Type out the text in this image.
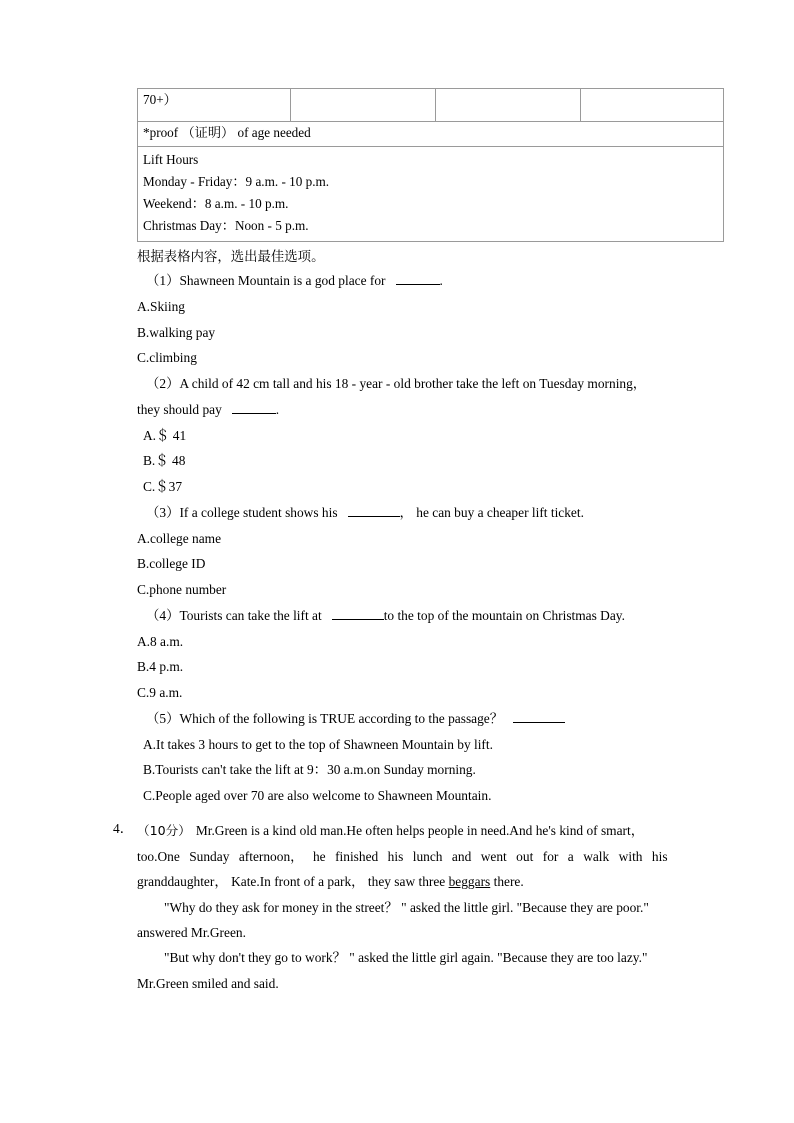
70+）			
*proof （证明） of age needed

Lift Hours
Monday - Friday：9 a.m. - 10 p.m.
Weekend：8 a.m. - 10 p.m.
Christmas Day：Noon - 5 p.m.
根据表格内容，选出最佳选项。
（1）Shawneen Mountain is a god place for	.
A.Skiing
B.walking pay
C.climbing
（2）A child of 42 cm tall and his 18 - year - old brother take the left on Tuesday morning，
they should pay	.
A.＄ 41
B.＄ 48
C.＄37
（3）If a college student shows his	， he can buy a cheaper lift ticket.
A.college name
B.college ID
C.phone number
（4）Tourists can take the lift at	to the top of the mountain on Christmas Day.
A.8 a.m.
B.4 p.m.
C.9 a.m.
（5）Which of the following is TRUE according to the passage？
A.It takes 3 hours to get to the top of Shawneen Mountain by lift.
B.Tourists can't take the lift at 9：30 a.m.on Sunday morning.
C.People aged over 70 are also welcome to Shawneen Mountain.
4． （10分） Mr.Green is a kind old man.He often helps people in need.And he's kind of smart，
too.One Sunday afternoon， he finished his lunch and went out for a walk with his
granddaughter， Kate.In front of a park， they saw three beggars there.
"Why do they ask for money in the street？ " asked the little girl. "Because they are poor."
answered Mr.Green.
"But why don't they go to work？ " asked the little girl again. "Because they are too lazy."
Mr.Green smiled and said.
